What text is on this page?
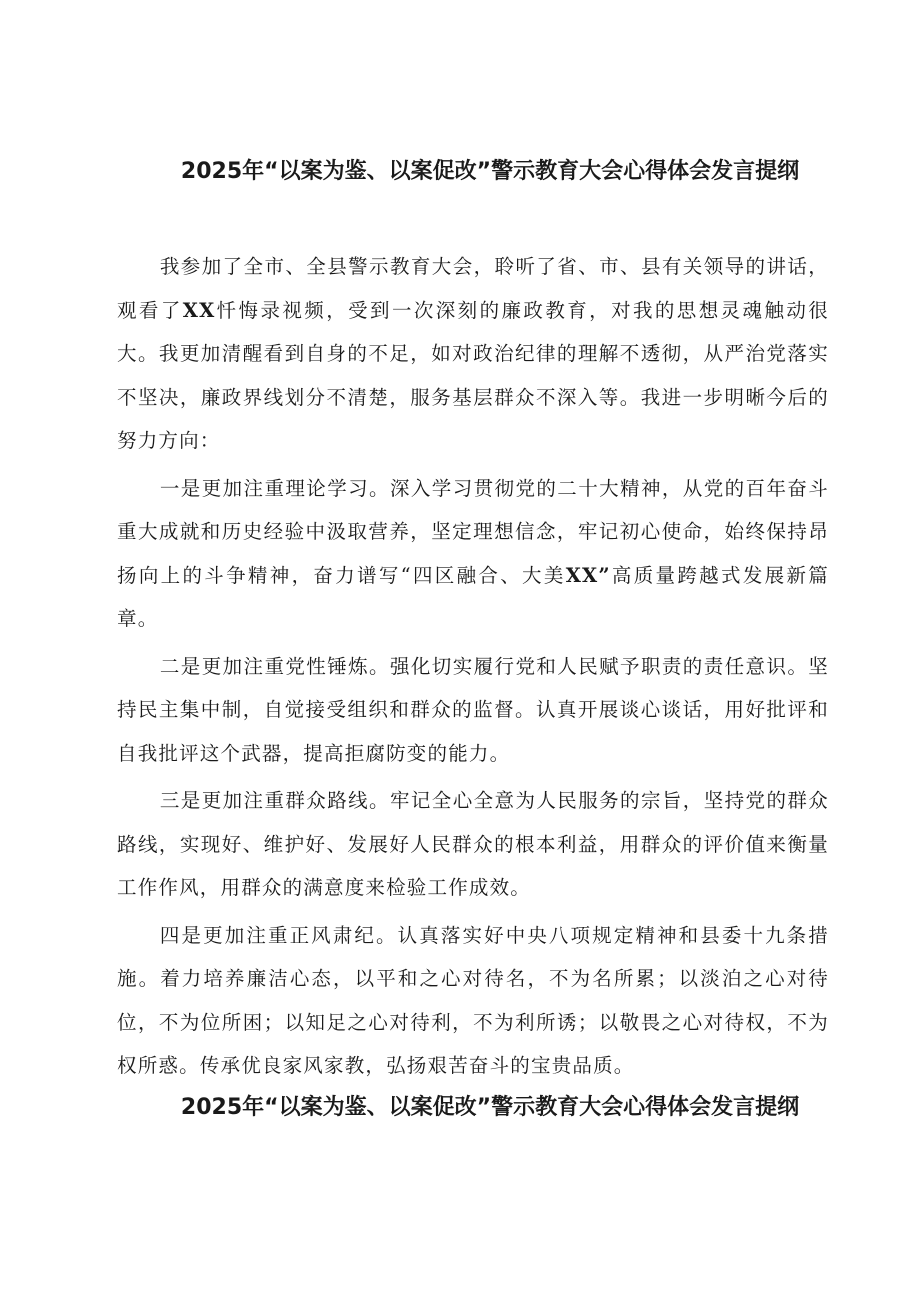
2025年“以案为鉴、以案促改”警示教育大会心得体会发言提纲

我参加了全市、全县警示教育大会，聆听了省、市、县有关领导的讲话，观看了XX忏悔录视频，受到一次深刻的廉政教育，对我的思想灵魂触动很大。我更加清醒看到自身的不足，如对政治纪律的理解不透彻，从严治党落实不坚决，廉政界线划分不清楚，服务基层群众不深入等。我进一步明晰今后的努力方向：

一是更加注重理论学习。深入学习贯彻党的二十大精神，从党的百年奋斗重大成就和历史经验中汲取营养，坚定理想信念，牢记初心使命，始终保持昂扬向上的斗争精神，奋力谱写“四区融合、大美XX”高质量跨越式发展新篇章。

二是更加注重党性锤炼。强化切实履行党和人民赋予职责的责任意识。坚持民主集中制，自觉接受组织和群众的监督。认真开展谈心谈话，用好批评和自我批评这个武器，提高拒腐防变的能力。

三是更加注重群众路线。牢记全心全意为人民服务的宗旨，坚持党的群众路线，实现好、维护好、发展好人民群众的根本利益，用群众的评价值来衡量工作作风，用群众的满意度来检验工作成效。

四是更加注重正风肃纪。认真落实好中央八项规定精神和县委十九条措施。着力培养廉洁心态，以平和之心对待名，不为名所累；以淡泊之心对待位，不为位所困；以知足之心对待利，不为利所诱；以敬畏之心对待权，不为权所惑。传承优良家风家教，弘扬艰苦奋斗的宝贵品质。

2025年“以案为鉴、以案促改”警示教育大会心得体会发言提纲
